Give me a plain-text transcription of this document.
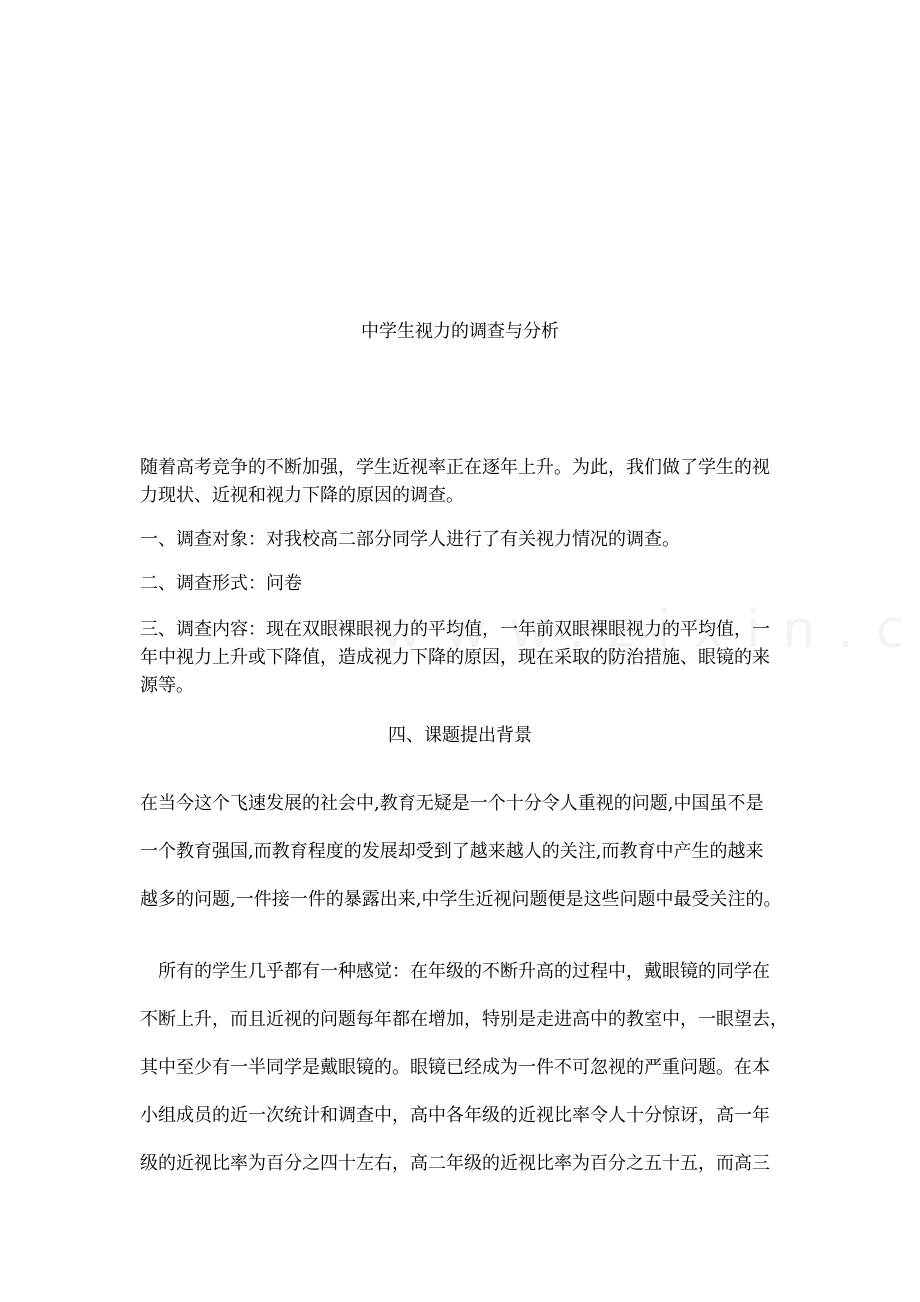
中学生视力的调查与分析
随着高考竞争的不断加强，学生近视率正在逐年上升。为此，我们做了学生的视
力现状、近视和视力下降的原因的调查。
一、调查对象：对我校高二部分同学人进行了有关视力情况的调查。
二、调查形式：问卷
三、调查内容：现在双眼裸眼视力的平均值，一年前双眼裸眼视力的平均值，一
年中视力上升或下降值，造成视力下降的原因，现在采取的防治措施、眼镜的来
源等。
四、课题提出背景
在当今这个飞速发展的社会中,教育无疑是一个十分令人重视的问题,中国虽不是
一个教育强国,而教育程度的发展却受到了越来越人的关注,而教育中产生的越来
越多的问题,一件接一件的暴露出来,中学生近视问题便是这些问题中最受关注的。
所有的学生几乎都有一种感觉：在年级的不断升高的过程中，戴眼镜的同学在
不断上升，而且近视的问题每年都在增加，特别是走进高中的教室中，一眼望去，
其中至少有一半同学是戴眼镜的。眼镜已经成为一件不可忽视的严重问题。在本
小组成员的近一次统计和调查中，高中各年级的近视比率令人十分惊讶，高一年
级的近视比率为百分之四十左右，高二年级的近视比率为百分之五十五，而高三
